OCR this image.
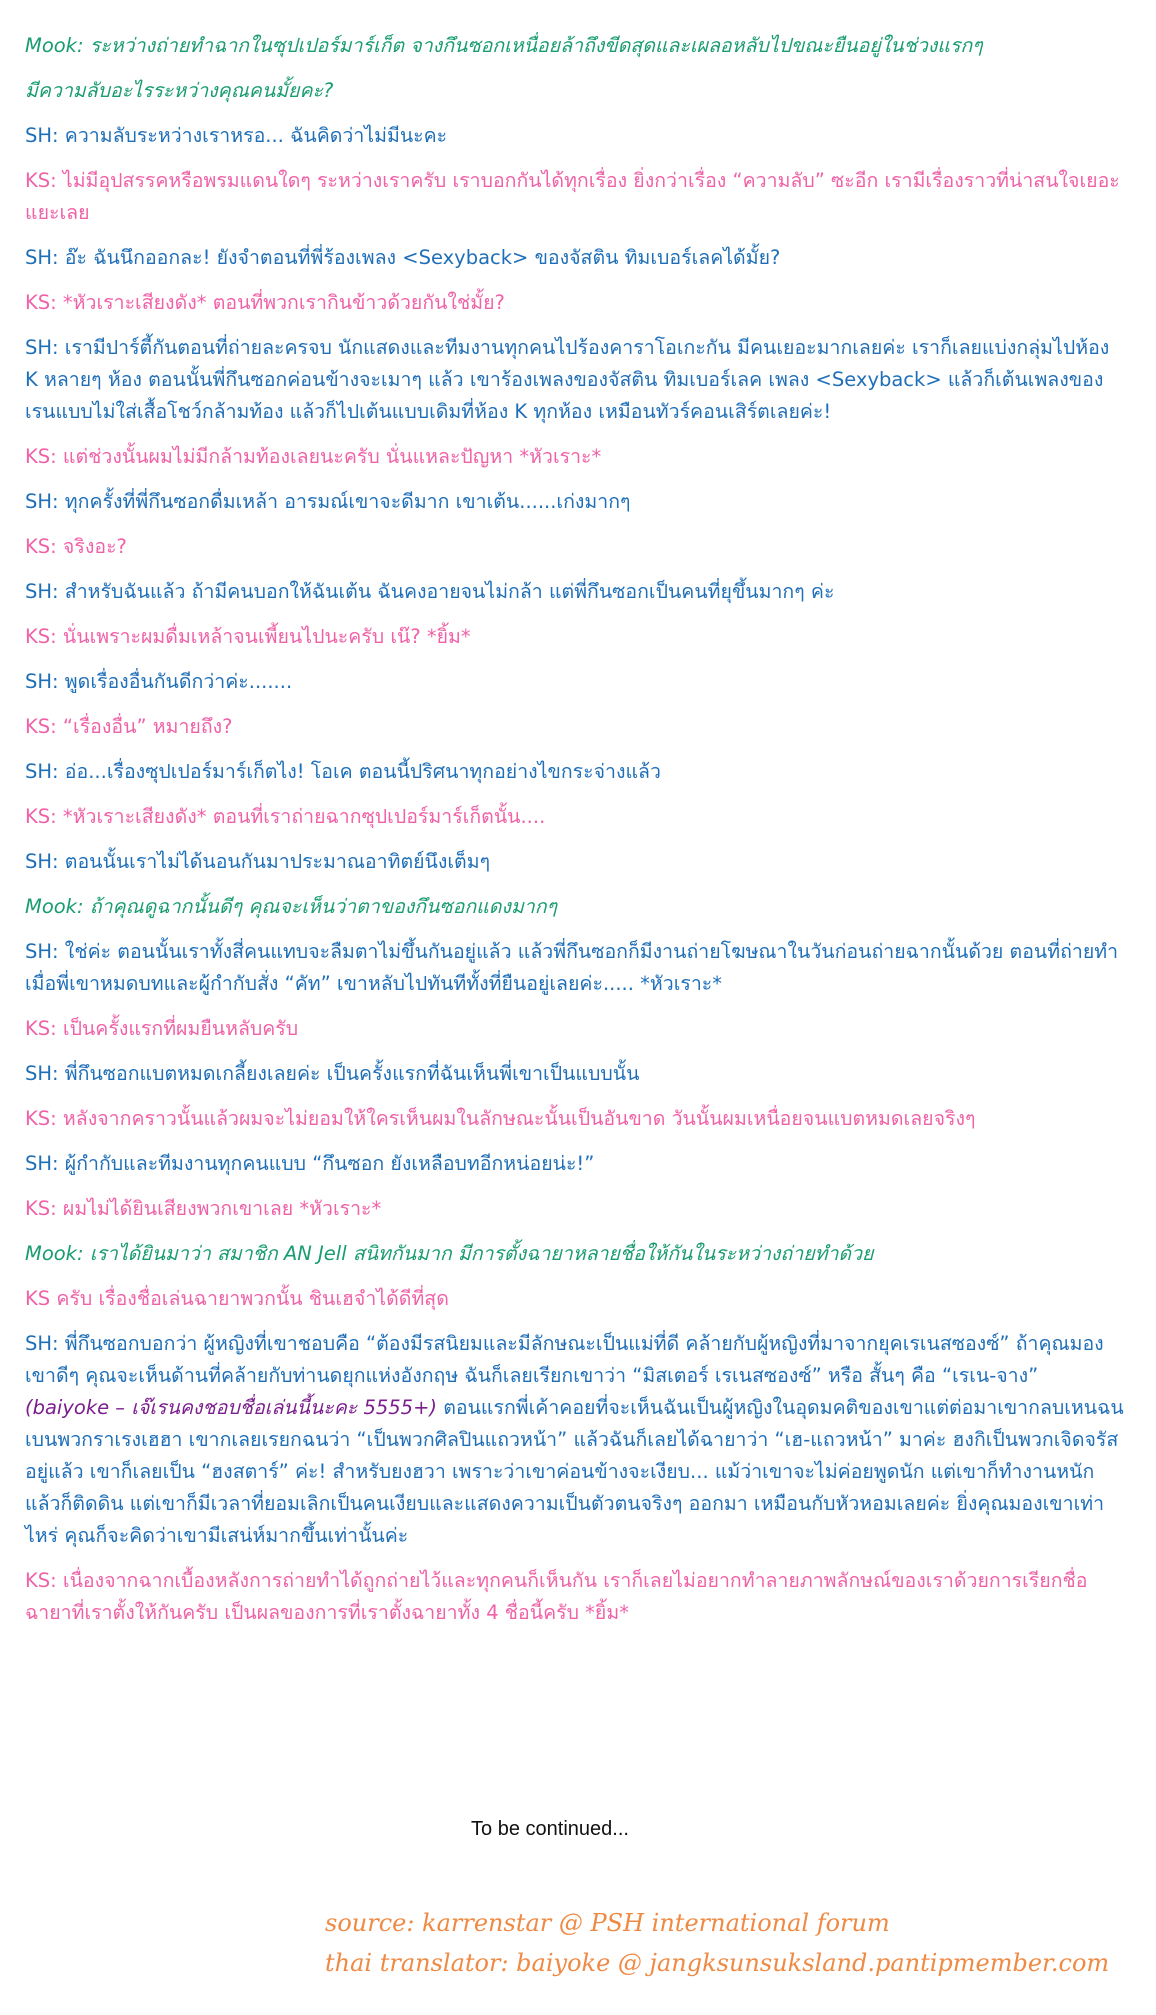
Mook: ระหว่างถ่ายทำฉากในซุปเปอร์มาร์เก็ต จางกึนซอกเหนื่อยล้าถึงขีดสุดและเผลอหลับไปขณะยืนอยู่ในช่วงแรกๆ

มีความลับอะไรระหว่างคุณคนมั้ยคะ?

SH: ความลับระหว่างเราหรอ... ฉันคิดว่าไม่มีนะคะ

KS: ไม่มีอุปสรรคหรือพรมแดนใดๆ ระหว่างเราครับ เราบอกกันได้ทุกเรื่อง ยิ่งกว่าเรื่อง “ความลับ” ซะอีก เรามีเรื่องราวที่น่าสนใจเยอะแยะเลย

SH: อ๊ะ ฉันนึกออกละ! ยังจำตอนที่พี่ร้องเพลง <Sexyback> ของจัสติน ทิมเบอร์เลคได้มั้ย?

KS: *หัวเราะเสียงดัง* ตอนที่พวกเรากินข้าวด้วยกันใช่มั้ย?

SH: เรามีปาร์ตี้กันตอนที่ถ่ายละครจบ นักแสดงและทีมงานทุกคนไปร้องคาราโอเกะกัน มีคนเยอะมากเลยค่ะ เราก็เลยแบ่งกลุ่มไปห้อง K หลายๆ ห้อง ตอนนั้นพี่กึนซอกค่อนข้างจะเมาๆ แล้ว เขาร้องเพลงของจัสติน ทิมเบอร์เลค เพลง <Sexyback> แล้วก็เต้นเพลงของเรนแบบไม่ใส่เสื้อโชว์กล้ามท้อง แล้วก็ไปเต้นแบบเดิมที่ห้อง K ทุกห้อง เหมือนทัวร์คอนเสิร์ตเลยค่ะ!

KS: แต่ช่วงนั้นผมไม่มีกล้ามท้องเลยนะครับ นั่นแหละปัญหา *หัวเราะ*

SH: ทุกครั้งที่พี่กึนซอกดื่มเหล้า อารมณ์เขาจะดีมาก เขาเต้น......เก่งมากๆ

KS: จริงอะ?

SH: สำหรับฉันแล้ว ถ้ามีคนบอกให้ฉันเต้น ฉันคงอายจนไม่กล้า แต่พี่กึนซอกเป็นคนที่ยุขึ้นมากๆ ค่ะ

KS: นั่นเพราะผมดื่มเหล้าจนเพี้ยนไปนะครับ เน๊? *ยิ้ม*

SH: พูดเรื่องอื่นกันดีกว่าค่ะ.......

KS: “เรื่องอื่น” หมายถึง?

SH: อ่อ...เรื่องซุปเปอร์มาร์เก็ตไง! โอเค ตอนนี้ปริศนาทุกอย่างไขกระจ่างแล้ว

KS: *หัวเราะเสียงดัง* ตอนที่เราถ่ายฉากซุปเปอร์มาร์เก็ตนั้น....

SH: ตอนนั้นเราไม่ได้นอนกันมาประมาณอาทิตย์นึงเต็มๆ

Mook: ถ้าคุณดูฉากนั้นดีๆ คุณจะเห็นว่าตาของกึนซอกแดงมากๆ

SH: ใช่ค่ะ ตอนนั้นเราทั้งสี่คนแทบจะลืมตาไม่ขึ้นกันอยู่แล้ว แล้วพี่กึนซอกก็มีงานถ่ายโฆษณาในวันก่อนถ่ายฉากนั้นด้วย ตอนที่ถ่ายทำ เมื่อพี่เขาหมดบทและผู้กำกับสั่ง “คัท” เขาหลับไปทันทีทั้งที่ยืนอยู่เลยค่ะ..... *หัวเราะ*

KS: เป็นครั้งแรกที่ผมยืนหลับครับ

SH: พี่กึนซอกแบตหมดเกลี้ยงเลยค่ะ เป็นครั้งแรกที่ฉันเห็นพี่เขาเป็นแบบนั้น

KS: หลังจากคราวนั้นแล้วผมจะไม่ยอมให้ใครเห็นผมในลักษณะนั้นเป็นอันขาด วันนั้นผมเหนื่อยจนแบตหมดเลยจริงๆ

SH: ผู้กำกับและทีมงานทุกคนแบบ “กึนซอก ยังเหลือบทอีกหน่อยน่ะ!”

KS: ผมไม่ได้ยินเสียงพวกเขาเลย *หัวเราะ*

Mook: เราได้ยินมาว่า สมาชิก AN Jell สนิทกันมาก มีการตั้งฉายาหลายชื่อให้กันในระหว่างถ่ายทำด้วย

KS ครับ เรื่องชื่อเล่นฉายาพวกนั้น ชินเฮจำได้ดีที่สุด

SH: พี่กึนซอกบอกว่า ผู้หญิงที่เขาชอบคือ “ต้องมีรสนิยมและมีลักษณะเป็นแม่ที่ดี คล้ายกับผู้หญิงที่มาจากยุคเรเนสซองซ์” ถ้าคุณมองเขาดีๆ คุณจะเห็นด้านที่คล้ายกับท่านดยุกแห่งอังกฤษ ฉันก็เลยเรียกเขาว่า “มิสเตอร์ เรเนสซองซ์” หรือ สั้นๆ คือ “เรเน-จาง” (baiyoke – เจ๊เรนคงชอบชื่อเล่นนี้นะคะ 5555+) ตอนแรกพี่เค้าคอยที่จะเห็นฉันเป็นผู้หญิงในอุดมคติของเขาแต่ต่อมาเขากลบเหนฉนเบนพวกราเรงเฮฮา เขากเลยเรยกฉนว่า “เป็นพวกศิลปินแถวหน้า” แล้วฉันก็เลยได้ฉายาว่า “เฮ-แถวหน้า” มาค่ะ ฮงกิเป็นพวกเจิดจรัสอยู่แล้ว เขาก็เลยเป็น “ฮงสตาร์” ค่ะ! สำหรับยงฮวา เพราะว่าเขาค่อนข้างจะเงียบ... แม้ว่าเขาจะไม่ค่อยพูดนัก แต่เขาก็ทำงานหนักแล้วก็ติดดิน แต่เขาก็มีเวลาที่ยอมเลิกเป็นคนเงียบและแสดงความเป็นตัวตนจริงๆ ออกมา เหมือนกับหัวหอมเลยค่ะ ยิ่งคุณมองเขาเท่าไหร่ คุณก็จะคิดว่าเขามีเสน่ห์มากขึ้นเท่านั้นค่ะ

KS: เนื่องจากฉากเบื้องหลังการถ่ายทำได้ถูกถ่ายไว้และทุกคนก็เห็นกัน เราก็เลยไม่อยากทำลายภาพลักษณ์ของเราด้วยการเรียกชื่อฉายาที่เราตั้งให้กันครับ เป็นผลของการที่เราตั้งฉายาทั้ง 4 ชื่อนี้ครับ *ยิ้ม*

To be continued...
source: karrenstar @ PSH international forum
thai translator: baiyoke @ jangksunsuksland.pantipmember.com
